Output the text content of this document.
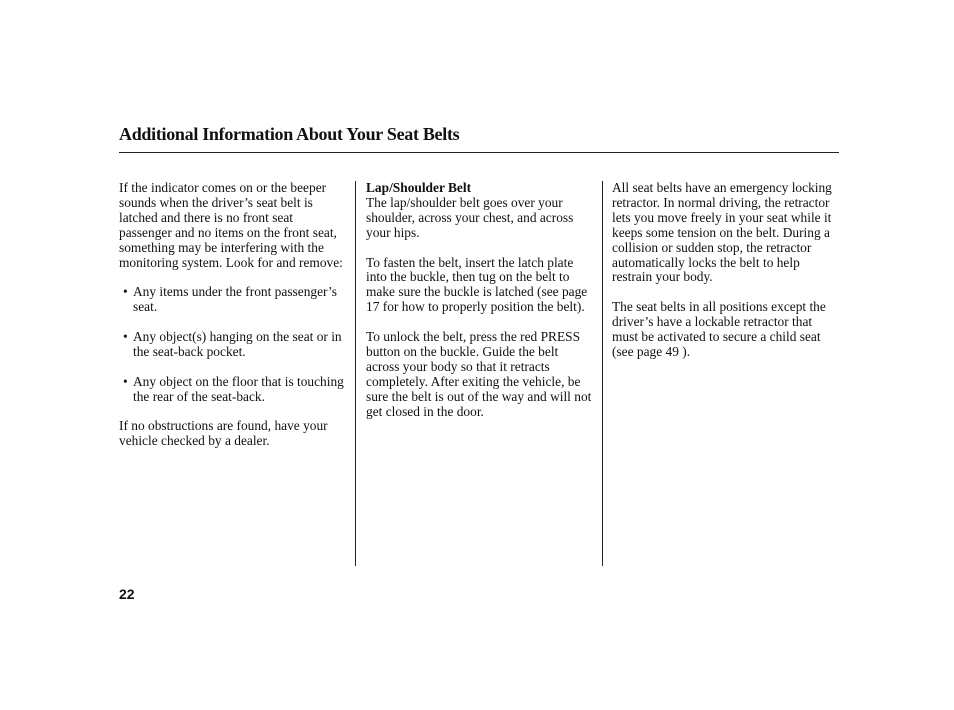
Additional Information About Your Seat Belts

If the indicator comes on or the beeper sounds when the driver’s seat belt is latched and there is no front seat passenger and no items on the front seat, something may be interfering with the monitoring system. Look for and remove:

• Any items under the front passenger’s seat.
• Any object(s) hanging on the seat or in the seat-back pocket.
• Any object on the floor that is touching the rear of the seat-back.

If no obstructions are found, have your vehicle checked by a dealer.

Lap/Shoulder Belt
The lap/shoulder belt goes over your shoulder, across your chest, and across your hips.

To fasten the belt, insert the latch plate into the buckle, then tug on the belt to make sure the buckle is latched (see page 17 for how to properly position the belt).

To unlock the belt, press the red PRESS button on the buckle. Guide the belt across your body so that it retracts completely. After exiting the vehicle, be sure the belt is out of the way and will not get closed in the door.

All seat belts have an emergency locking retractor. In normal driving, the retractor lets you move freely in your seat while it keeps some tension on the belt. During a collision or sudden stop, the retractor automatically locks the belt to help restrain your body.

The seat belts in all positions except the driver’s have a lockable retractor that must be activated to secure a child seat (see page 49 ).

22
